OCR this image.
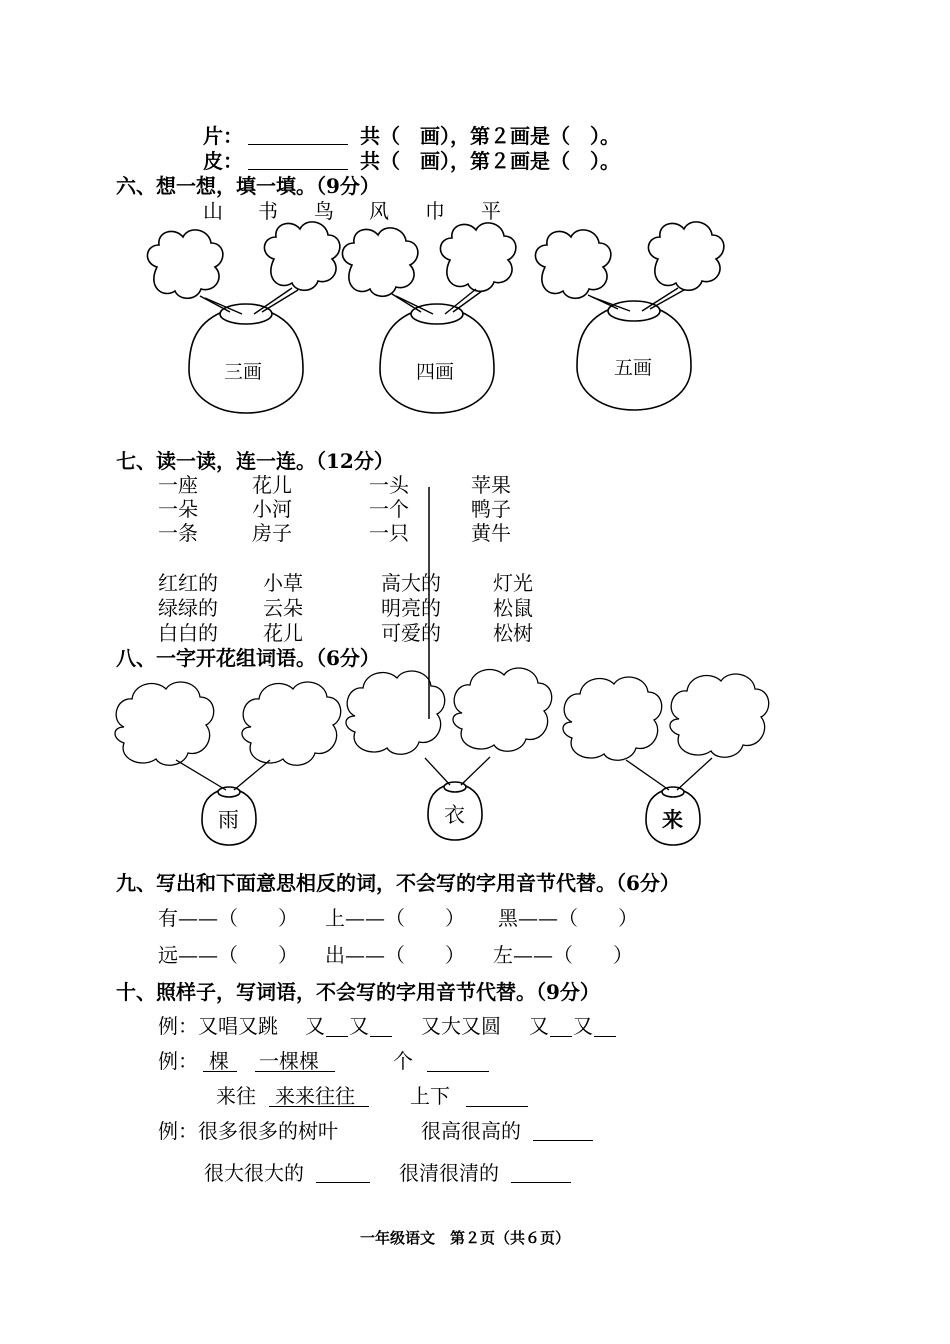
片：	共（　画），第２画是（　）。
皮：	共（　画），第２画是（　）。
六、想一想，填一填。（9分）
山 书 鸟 风 巾 平
三画	四画	五画
七、读一读，连一连。（12分）
一座	花儿	一头	苹果
一朵	小河	一个	鸭子
一条	房子	一只	黄牛
红红的 小草	高大的	灯光
绿绿的 云朵	明亮的	松鼠
白白的 花儿	可爱的	松树
八、一字开花组词语。（6分）
雨	衣	来
九、写出和下面意思相反的词，不会写的字用音节代替。（6分）
有——（　　） 上——（　　） 黑——（　　）
远——（　　） 出——（　　） 左——（　　）
十、照样子，写词语，不会写的字用音节代替。（9分）
例：又唱又跳 又 又	又大又圆 又 又
例： 棵 一棵棵	个
来往 来来往往	上下
例：很多很多的树叶	很高很高的
很大很大的	很清很清的
一年级语文　第２页（共６页）
